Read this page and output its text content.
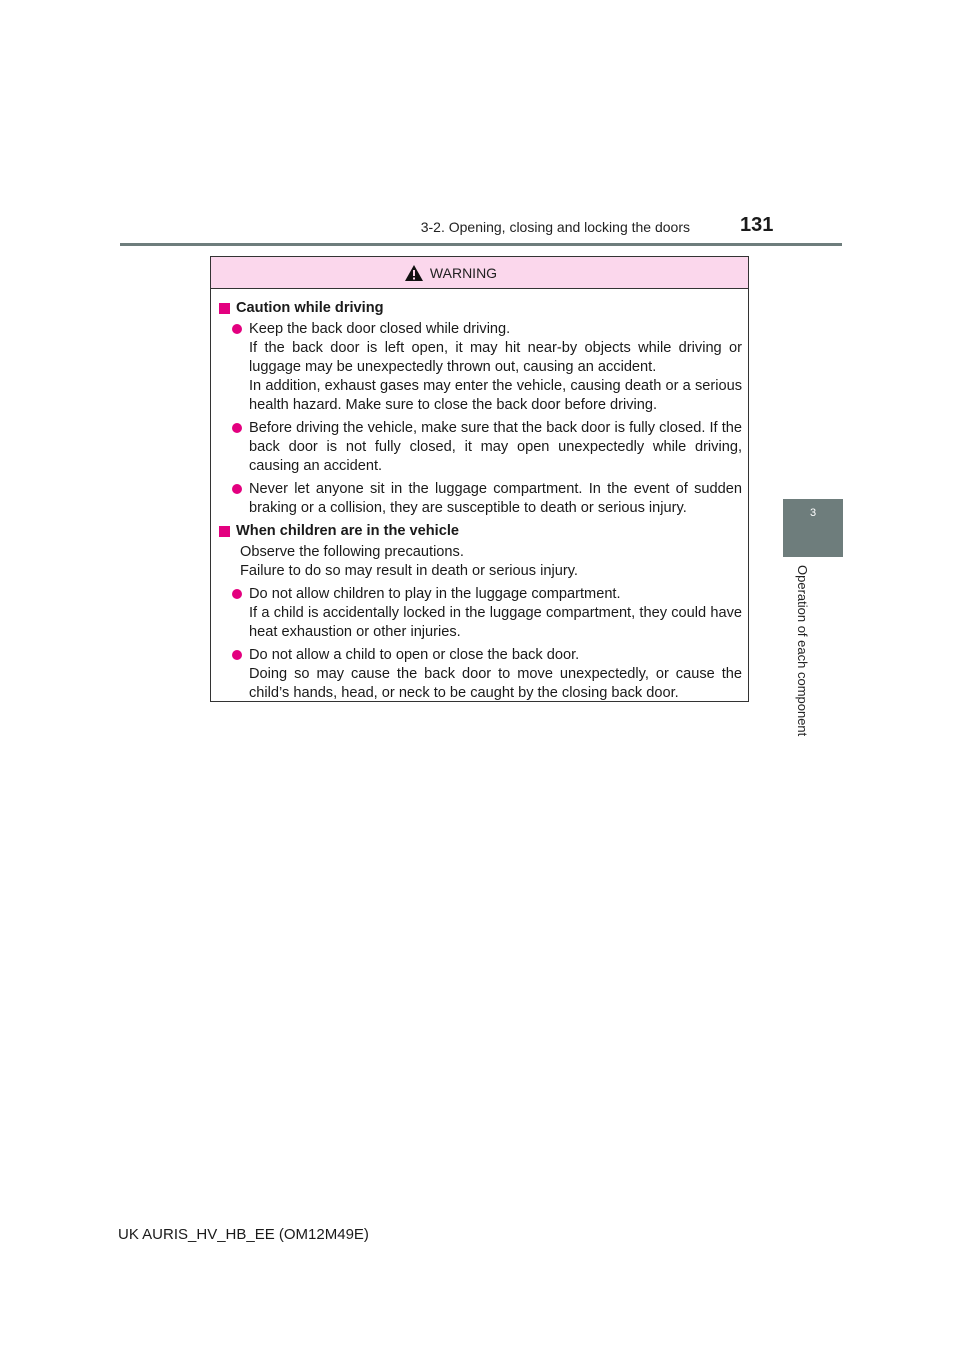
3-2. Opening, closing and locking the doors	131
3
Operation of each component
WARNING
Caution while driving
Keep the back door closed while driving.
If the back door is left open, it may hit near-by objects while driving or luggage may be unexpectedly thrown out, causing an accident.
In addition, exhaust gases may enter the vehicle, causing death or a serious health hazard. Make sure to close the back door before driving.
Before driving the vehicle, make sure that the back door is fully closed. If the back door is not fully closed, it may open unexpectedly while driving, causing an accident.
Never let anyone sit in the luggage compartment. In the event of sudden braking or a collision, they are susceptible to death or serious injury.
When children are in the vehicle
Observe the following precautions.
Failure to do so may result in death or serious injury.
Do not allow children to play in the luggage compartment.
If a child is accidentally locked in the luggage compartment, they could have heat exhaustion or other injuries.
Do not allow a child to open or close the back door.
Doing so may cause the back door to move unexpectedly, or cause the child’s hands, head, or neck to be caught by the closing back door.
UK AURIS_HV_HB_EE (OM12M49E)
